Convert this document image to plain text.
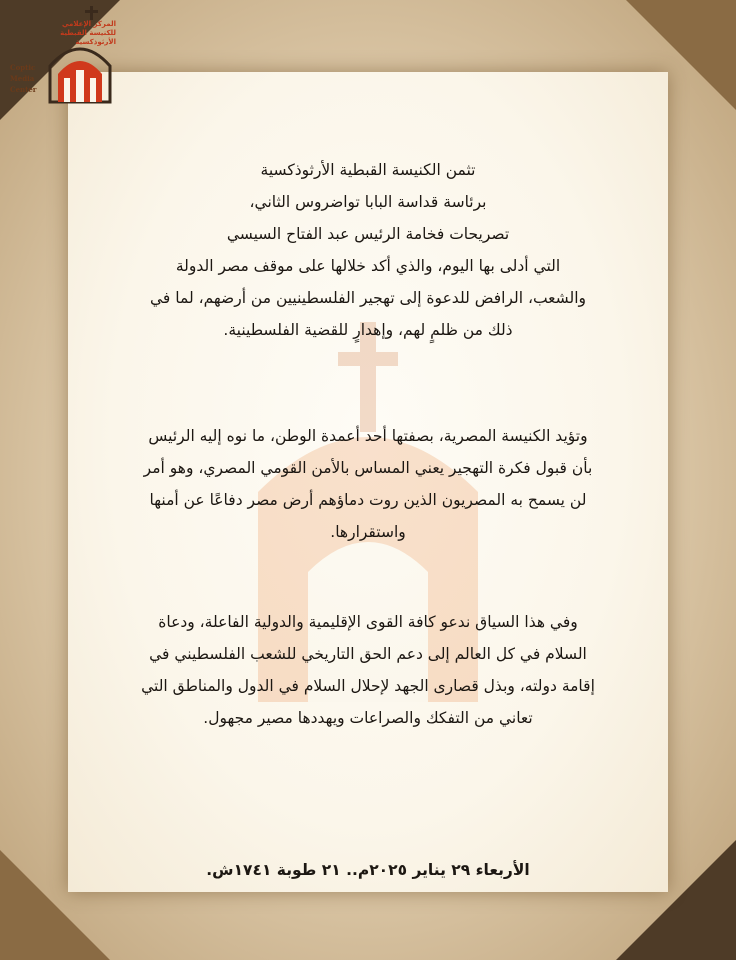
المركز الإعلامي
للكنيسة القبطية الأرثوذكسية
Coptic
Media
Center
تثمن الكنيسة القبطية الأرثوذكسية
برئاسة قداسة البابا تواضروس الثاني،
تصريحات فخامة الرئيس عبد الفتاح السيسي
التي أدلى بها اليوم، والذي أكد خلالها على موقف مصر الدولة
والشعب، الرافض للدعوة إلى تهجير الفلسطينيين من أرضهم، لما في
ذلك من ظلمٍ لهم، وإهدارٍ للقضية الفلسطينية.
وتؤيد الكنيسة المصرية، بصفتها أحد أعمدة الوطن، ما نوه إليه الرئيس
بأن قبول فكرة التهجير يعني المساس بالأمن القومي المصري، وهو أمر
لن يسمح به المصريون الذين روت دماؤهم أرض مصر دفاعًا عن أمنها
واستقرارها.
وفي هذا السياق ندعو كافة القوى الإقليمية والدولية الفاعلة، ودعاة
السلام في كل العالم إلى دعم الحق التاريخي للشعب الفلسطيني في
إقامة دولته، وبذل قصارى الجهد لإحلال السلام في الدول والمناطق التي
تعاني من التفكك والصراعات ويهددها مصير مجهول.
الأربعاء ٢٩ يناير ٢٠٢٥م.. ٢١ طوبة ١٧٤١ش.
